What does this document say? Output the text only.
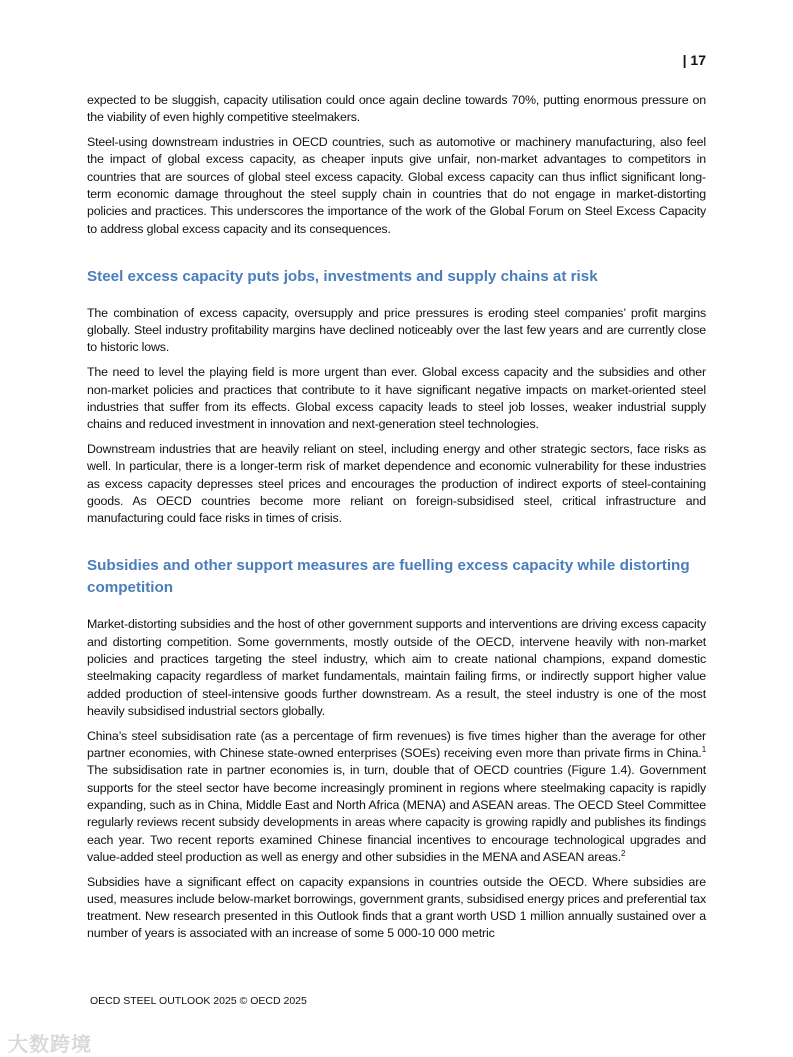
| 17

expected to be sluggish, capacity utilisation could once again decline towards 70%, putting enormous pressure on the viability of even highly competitive steelmakers.

Steel-using downstream industries in OECD countries, such as automotive or machinery manufacturing, also feel the impact of global excess capacity, as cheaper inputs give unfair, non-market advantages to competitors in countries that are sources of global steel excess capacity. Global excess capacity can thus inflict significant long-term economic damage throughout the steel supply chain in countries that do not engage in market-distorting policies and practices. This underscores the importance of the work of the Global Forum on Steel Excess Capacity to address global excess capacity and its consequences.

Steel excess capacity puts jobs, investments and supply chains at risk

The combination of excess capacity, oversupply and price pressures is eroding steel companies’ profit margins globally. Steel industry profitability margins have declined noticeably over the last few years and are currently close to historic lows.

The need to level the playing field is more urgent than ever. Global excess capacity and the subsidies and other non-market policies and practices that contribute to it have significant negative impacts on market-oriented steel industries that suffer from its effects. Global excess capacity leads to steel job losses, weaker industrial supply chains and reduced investment in innovation and next-generation steel technologies.

Downstream industries that are heavily reliant on steel, including energy and other strategic sectors, face risks as well. In particular, there is a longer-term risk of market dependence and economic vulnerability for these industries as excess capacity depresses steel prices and encourages the production of indirect exports of steel-containing goods. As OECD countries become more reliant on foreign-subsidised steel, critical infrastructure and manufacturing could face risks in times of crisis.

Subsidies and other support measures are fuelling excess capacity while distorting competition

Market-distorting subsidies and the host of other government supports and interventions are driving excess capacity and distorting competition. Some governments, mostly outside of the OECD, intervene heavily with non-market policies and practices targeting the steel industry, which aim to create national champions, expand domestic steelmaking capacity regardless of market fundamentals, maintain failing firms, or indirectly support higher value added production of steel-intensive goods further downstream. As a result, the steel industry is one of the most heavily subsidised industrial sectors globally.

China’s steel subsidisation rate (as a percentage of firm revenues) is five times higher than the average for other partner economies, with Chinese state-owned enterprises (SOEs) receiving even more than private firms in China.$^1$ The subsidisation rate in partner economies is, in turn, double that of OECD countries (Figure 1.4). Government supports for the steel sector have become increasingly prominent in regions where steelmaking capacity is rapidly expanding, such as in China, Middle East and North Africa (MENA) and ASEAN areas. The OECD Steel Committee regularly reviews recent subsidy developments in areas where capacity is growing rapidly and publishes its findings each year. Two recent reports examined Chinese financial incentives to encourage technological upgrades and value-added steel production as well as energy and other subsidies in the MENA and ASEAN areas.$^2$

Subsidies have a significant effect on capacity expansions in countries outside the OECD. Where subsidies are used, measures include below-market borrowings, government grants, subsidised energy prices and preferential tax treatment. New research presented in this Outlook finds that a grant worth USD 1 million annually sustained over a number of years is associated with an increase of some 5 000-10 000 metric

OECD STEEL OUTLOOK 2025 © OECD 2025
大数跨境
